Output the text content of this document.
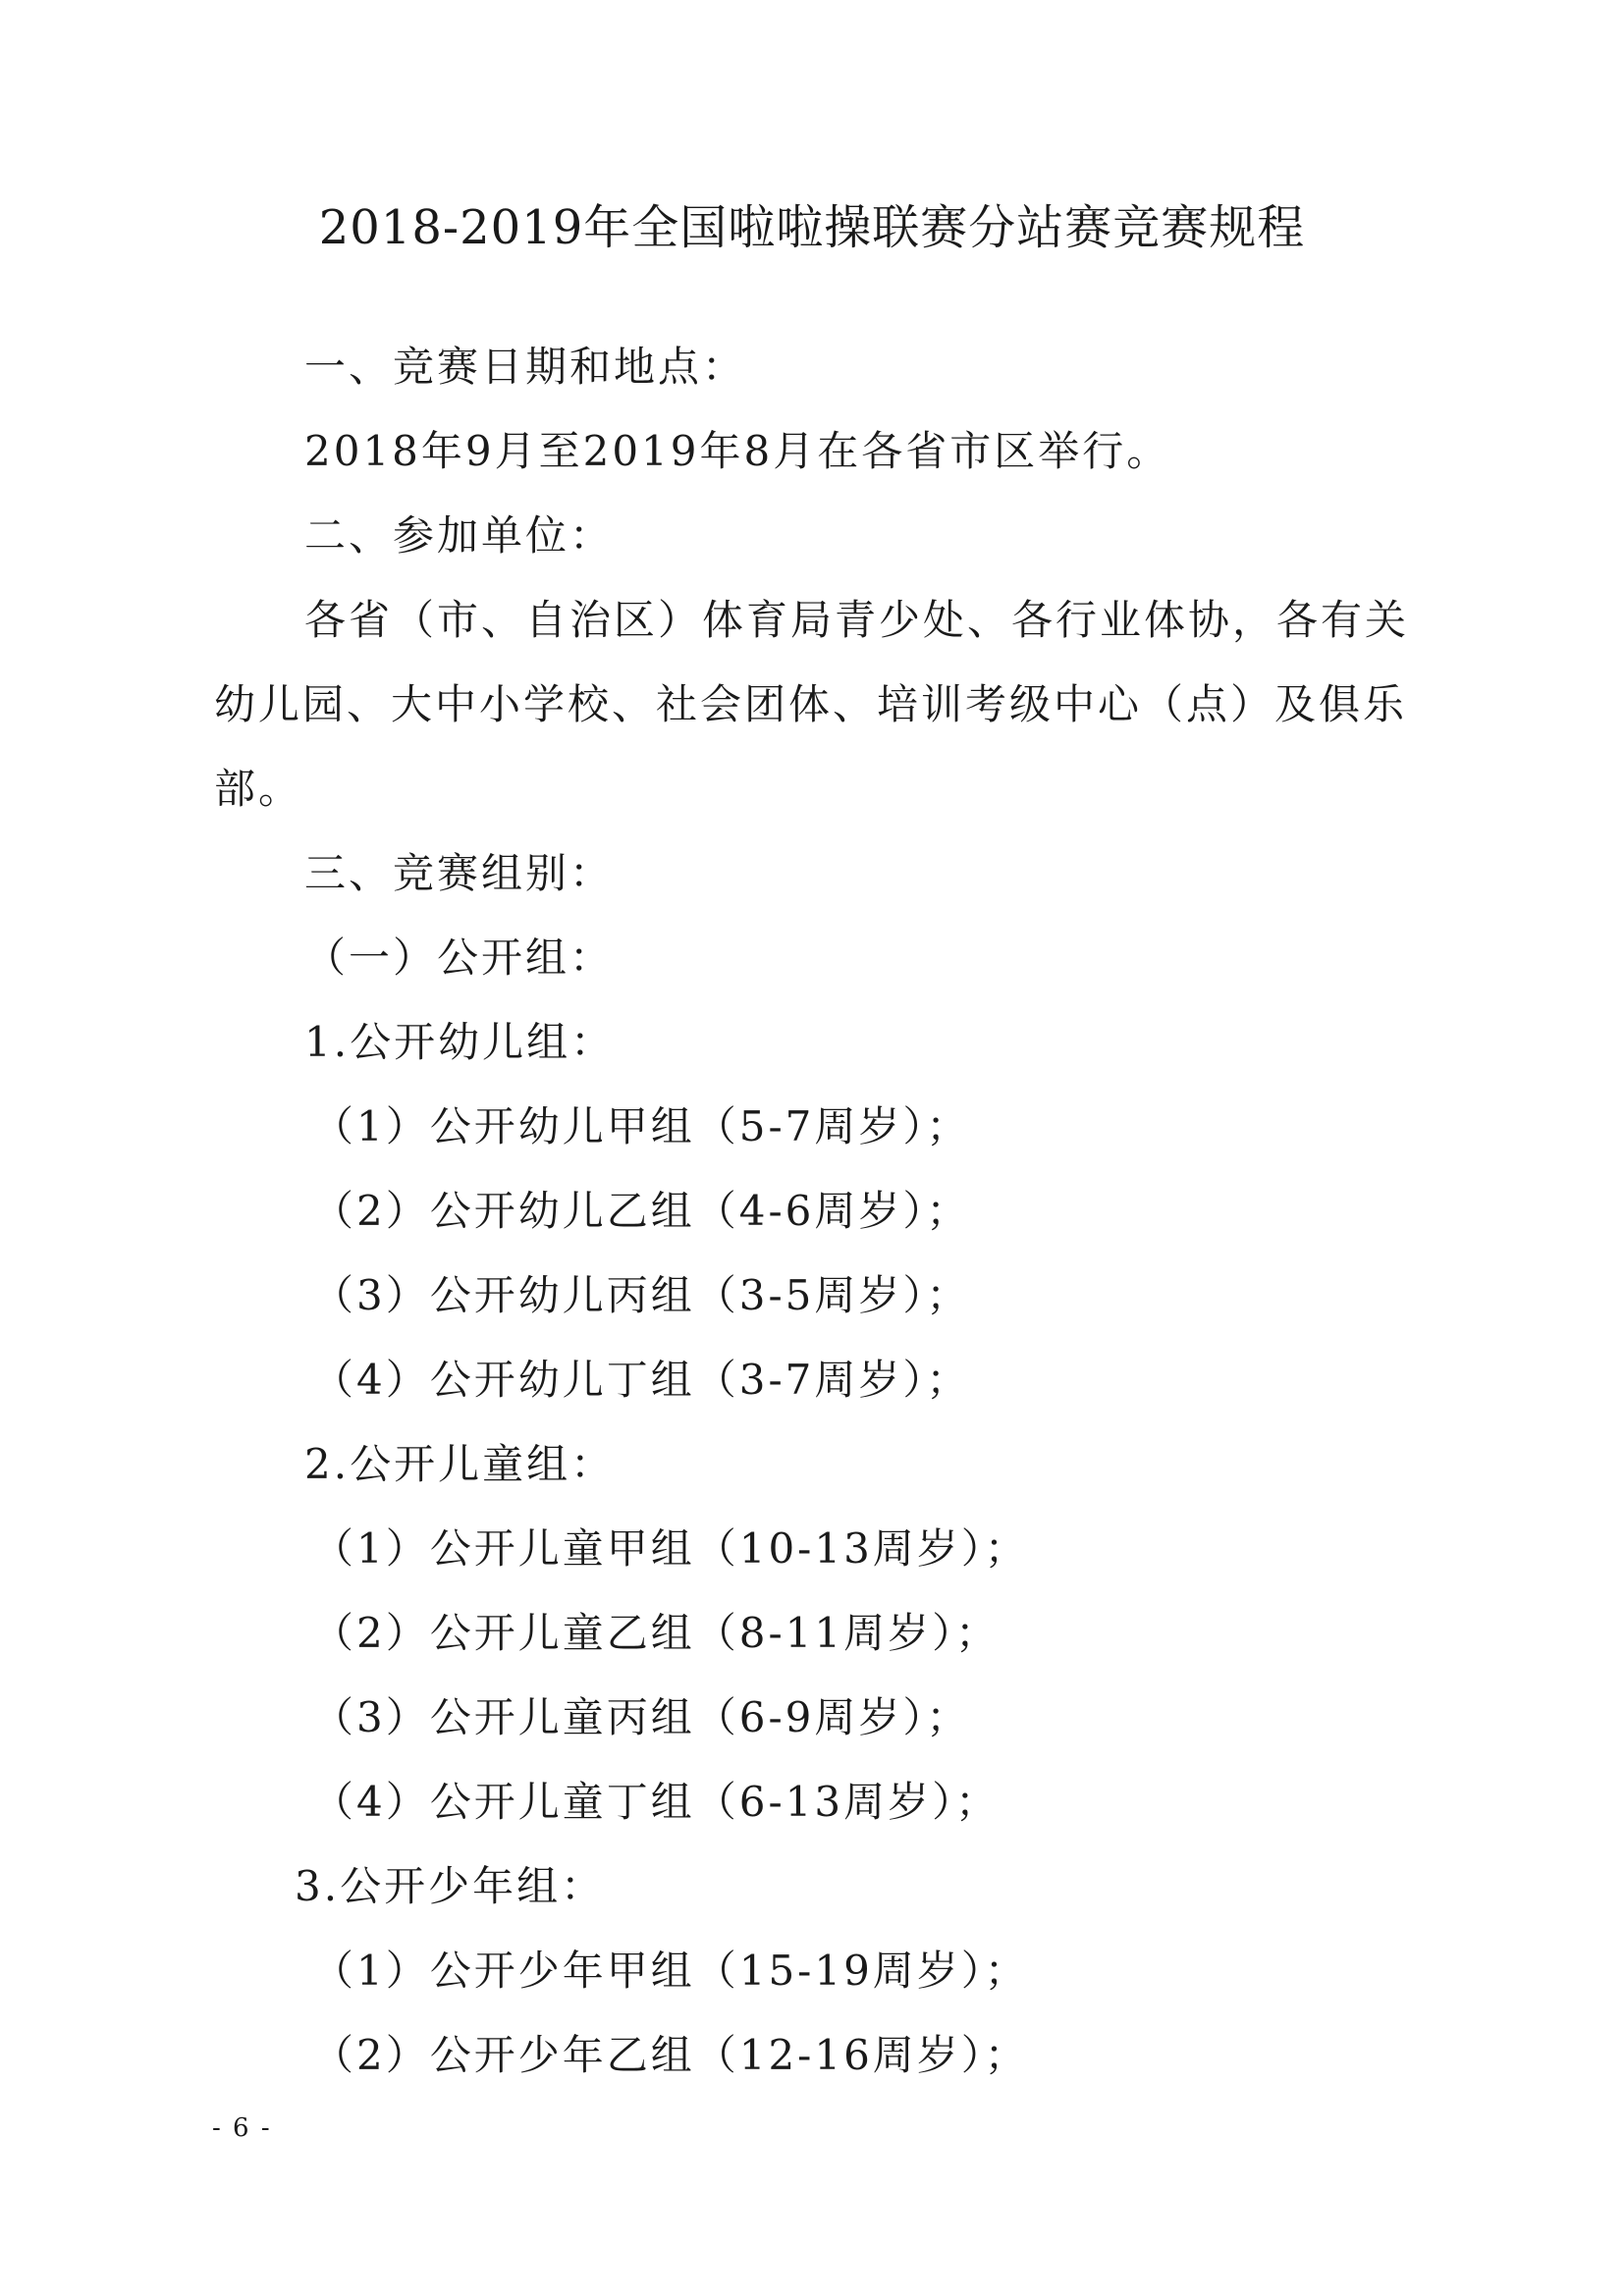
2018-2019年全国啦啦操联赛分站赛竞赛规程
一、竞赛日期和地点：
2018年9月至2019年8月在各省市区举行。
二、参加单位：
各省（市、自治区）体育局青少处、各行业体协，各有关
幼儿园、大中小学校、社会团体、培训考级中心（点）及俱乐
部。
三、竞赛组别：
（一）公开组：
1.公开幼儿组：
（1）公开幼儿甲组（5-7周岁）；
（2）公开幼儿乙组（4-6周岁）；
（3）公开幼儿丙组（3-5周岁）；
（4）公开幼儿丁组（3-7周岁）；
2.公开儿童组：
（1）公开儿童甲组（10-13周岁）；
（2）公开儿童乙组（8-11周岁）；
（3）公开儿童丙组（6-9周岁）；
（4）公开儿童丁组（6-13周岁）；
3.公开少年组：
（1）公开少年甲组（15-19周岁）；
（2）公开少年乙组（12-16周岁）；
- 6 -
